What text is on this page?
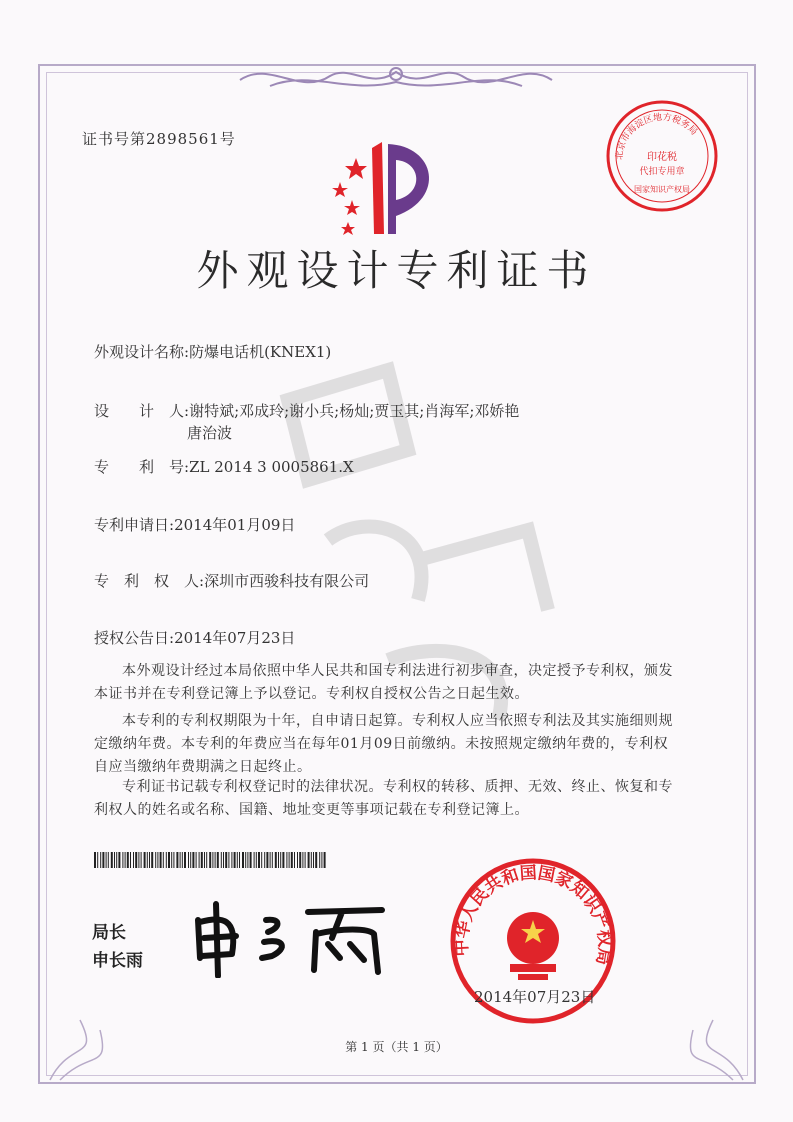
证书号第2898561号
外观设计专利证书
外观设计名称:防爆电话机(KNEX1)
设　　计　人:谢特斌;邓成玲;谢小兵;杨灿;贾玉其;肖海军;邓娇艳
唐治波
专　　利　号:ZL 2014 3 0005861.X
专利申请日:2014年01月09日
专　利　权　人:深圳市西骏科技有限公司
授权公告日:2014年07月23日
本外观设计经过本局依照中华人民共和国专利法进行初步审查，决定授予专利权，颁发本证书并在专利登记簿上予以登记。专利权自授权公告之日起生效。
本专利的专利权期限为十年，自申请日起算。专利权人应当依照专利法及其实施细则规定缴纳年费。本专利的年费应当在每年01月09日前缴纳。未按照规定缴纳年费的，专利权自应当缴纳年费期满之日起终止。
专利证书记载专利权登记时的法律状况。专利权的转移、质押、无效、终止、恢复和专利权人的姓名或名称、国籍、地址变更等事项记载在专利登记簿上。
局长
申长雨
北京市海淀区地方税务局
印花税
代扣专用章
国家知识产权局
中华人民共和国国家知识产权局
2014年07月23日
第 1 页（共 1 页）
